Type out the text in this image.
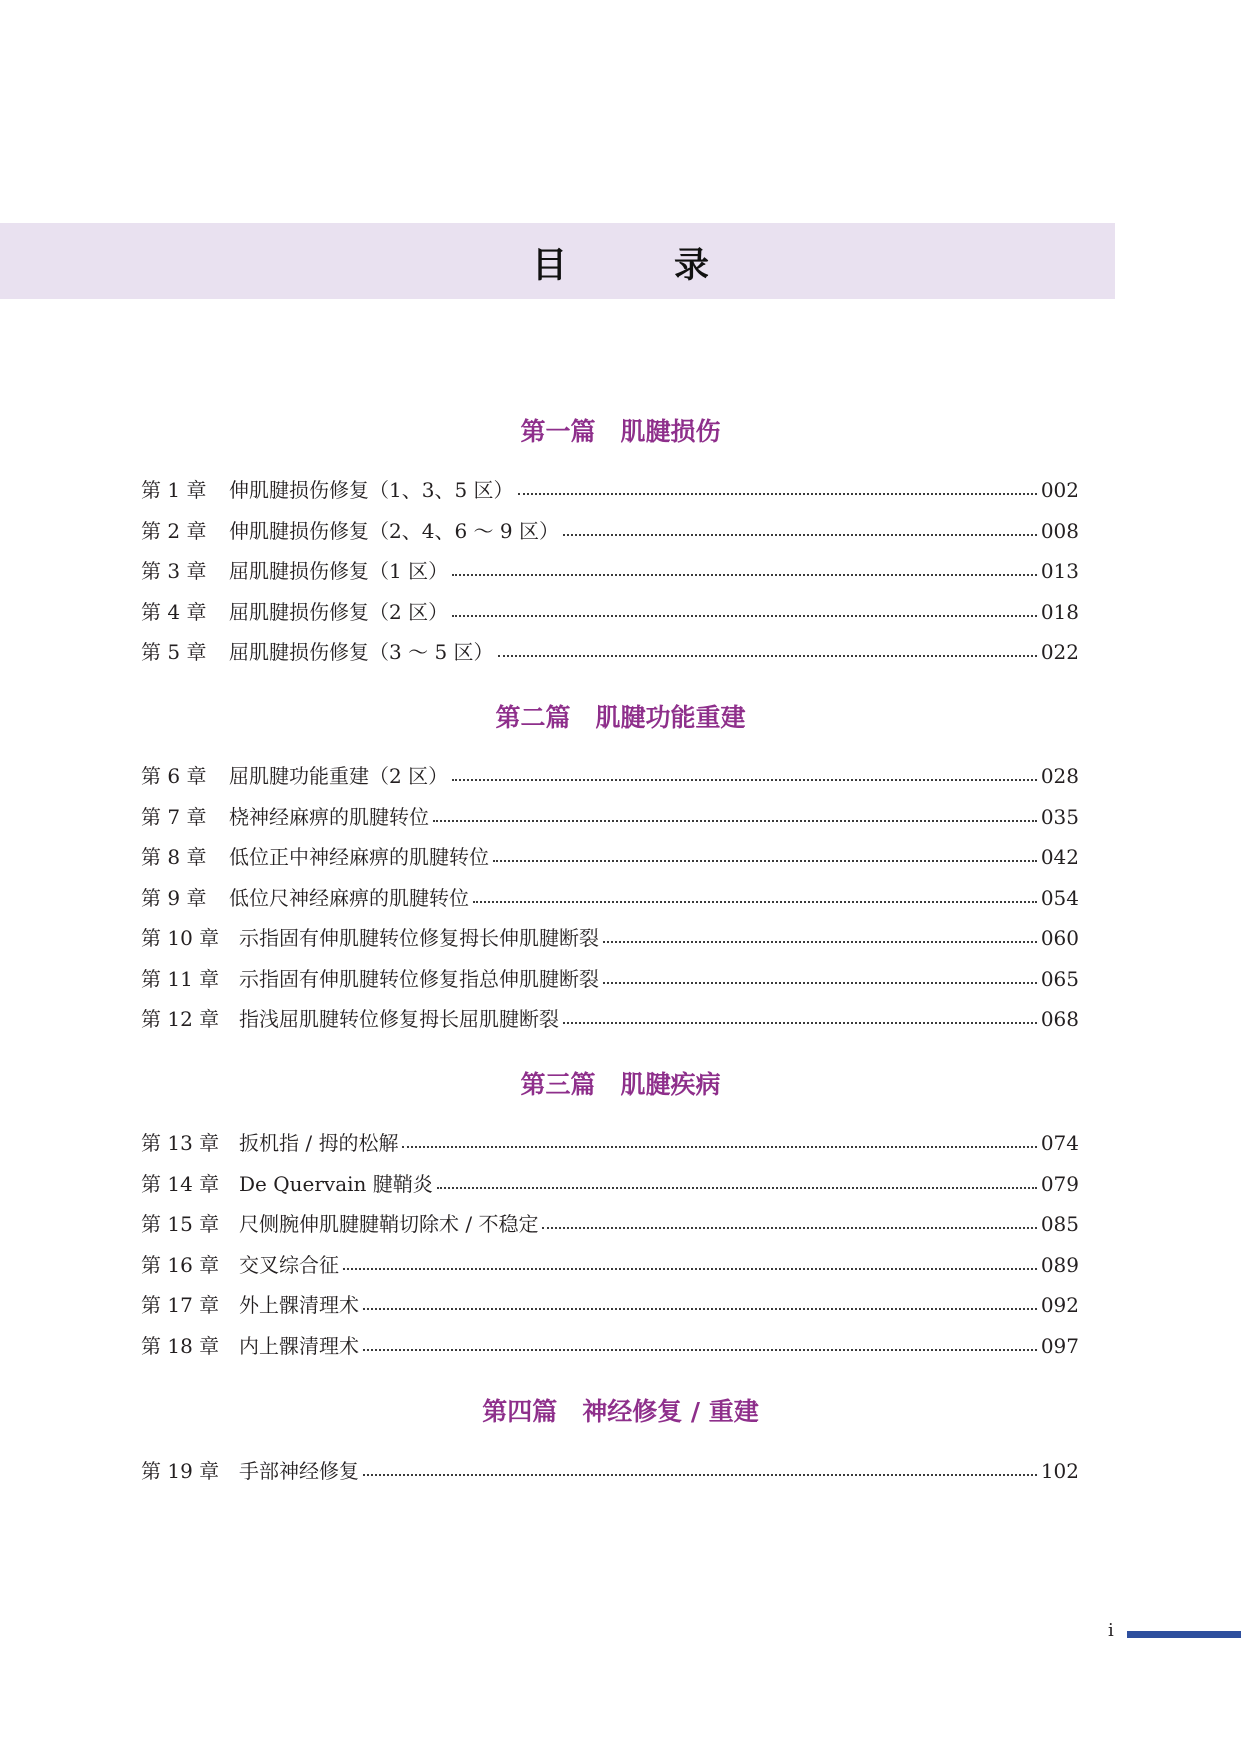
目　录
第一篇　肌腱损伤
第 1 章	伸肌腱损伤修复（1、3、5 区）	002
第 2 章	伸肌腱损伤修复（2、4、6 ～ 9 区）	008
第 3 章	屈肌腱损伤修复（1 区）	013
第 4 章	屈肌腱损伤修复（2 区）	018
第 5 章	屈肌腱损伤修复（3 ～ 5 区）	022
第二篇　肌腱功能重建
第 6 章	屈肌腱功能重建（2 区）	028
第 7 章	桡神经麻痹的肌腱转位	035
第 8 章	低位正中神经麻痹的肌腱转位	042
第 9 章	低位尺神经麻痹的肌腱转位	054
第 10 章 示指固有伸肌腱转位修复拇长伸肌腱断裂	060
第 11 章 示指固有伸肌腱转位修复指总伸肌腱断裂	065
第 12 章 指浅屈肌腱转位修复拇长屈肌腱断裂	068
第三篇　肌腱疾病
第 13 章 扳机指 / 拇的松解	074
第 14 章 De Quervain 腱鞘炎	079
第 15 章 尺侧腕伸肌腱腱鞘切除术 / 不稳定	085
第 16 章 交叉综合征	089
第 17 章 外上髁清理术	092
第 18 章 内上髁清理术	097
第四篇　神经修复 / 重建
第 19 章 手部神经修复	102
i
